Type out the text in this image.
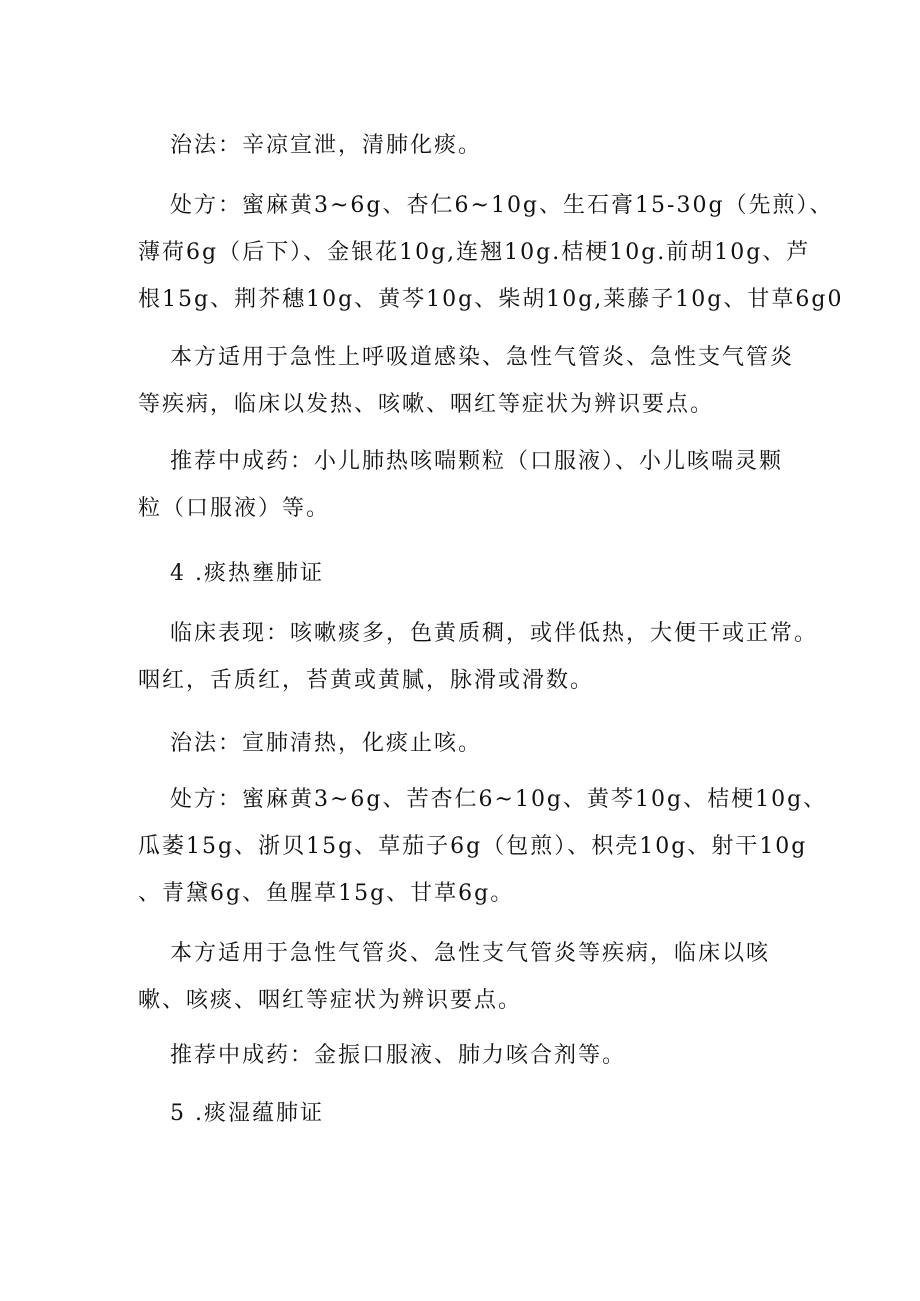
治法：辛凉宣泄，清肺化痰。
处方：蜜麻黄3~6g、杏仁6~10g、生石膏15-30g（先煎）、
薄荷6g（后下）、金银花10g,连翘10g.桔梗10g.前胡10g、芦
根15g、荆芥穗10g、黄芩10g、柴胡10g,莱藤子10g、甘草6g0
本方适用于急性上呼吸道感染、急性气管炎、急性支气管炎
等疾病，临床以发热、咳嗽、咽红等症状为辨识要点。
推荐中成药：小儿肺热咳喘颗粒（口服液）、小儿咳喘灵颗
粒（口服液）等。
4 .痰热壅肺证
临床表现：咳嗽痰多，色黄质稠，或伴低热，大便干或正常。
咽红，舌质红，苔黄或黄腻，脉滑或滑数。
治法：宣肺清热，化痰止咳。
处方：蜜麻黄3~6g、苦杏仁6~10g、黄芩10g、桔梗10g、
瓜萎15g、浙贝15g、草茄子6g（包煎）、枳壳10g、射干10g
、青黛6g、鱼腥草15g、甘草6g。
本方适用于急性气管炎、急性支气管炎等疾病，临床以咳
嗽、咳痰、咽红等症状为辨识要点。
推荐中成药：金振口服液、肺力咳合剂等。
5 .痰湿蕴肺证
